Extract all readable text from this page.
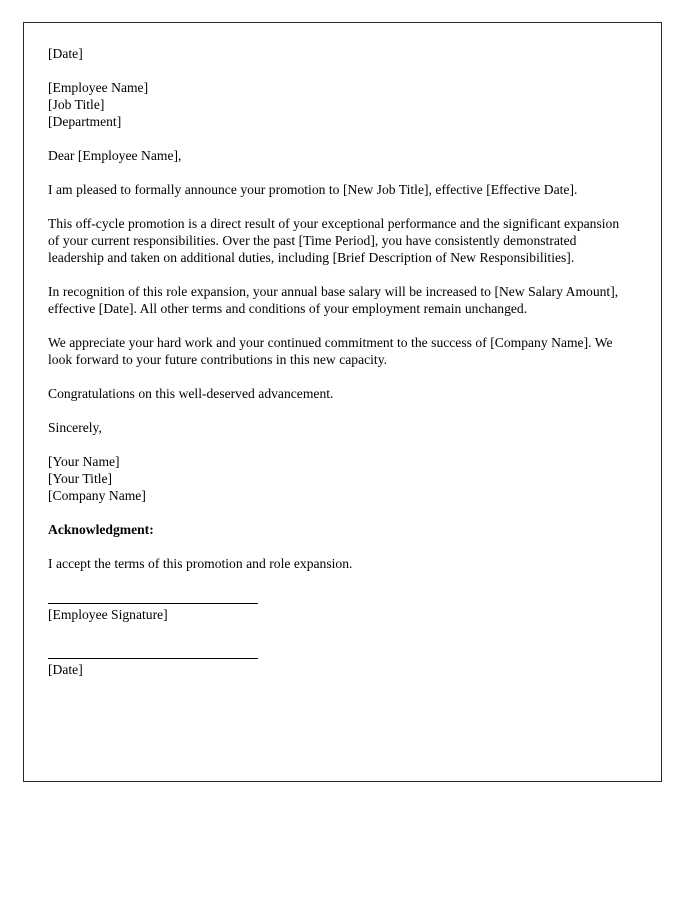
[Date]
[Employee Name]
[Job Title]
[Department]
Dear [Employee Name],
I am pleased to formally announce your promotion to [New Job Title], effective [Effective Date].
This off-cycle promotion is a direct result of your exceptional performance and the significant expansion of your current responsibilities. Over the past [Time Period], you have consistently demonstrated leadership and taken on additional duties, including [Brief Description of New Responsibilities].
In recognition of this role expansion, your annual base salary will be increased to [New Salary Amount], effective [Date]. All other terms and conditions of your employment remain unchanged.
We appreciate your hard work and your continued commitment to the success of [Company Name]. We look forward to your future contributions in this new capacity.
Congratulations on this well-deserved advancement.
Sincerely,
[Your Name]
[Your Title]
[Company Name]
Acknowledgment:
I accept the terms of this promotion and role expansion.
[Employee Signature]
[Date]
